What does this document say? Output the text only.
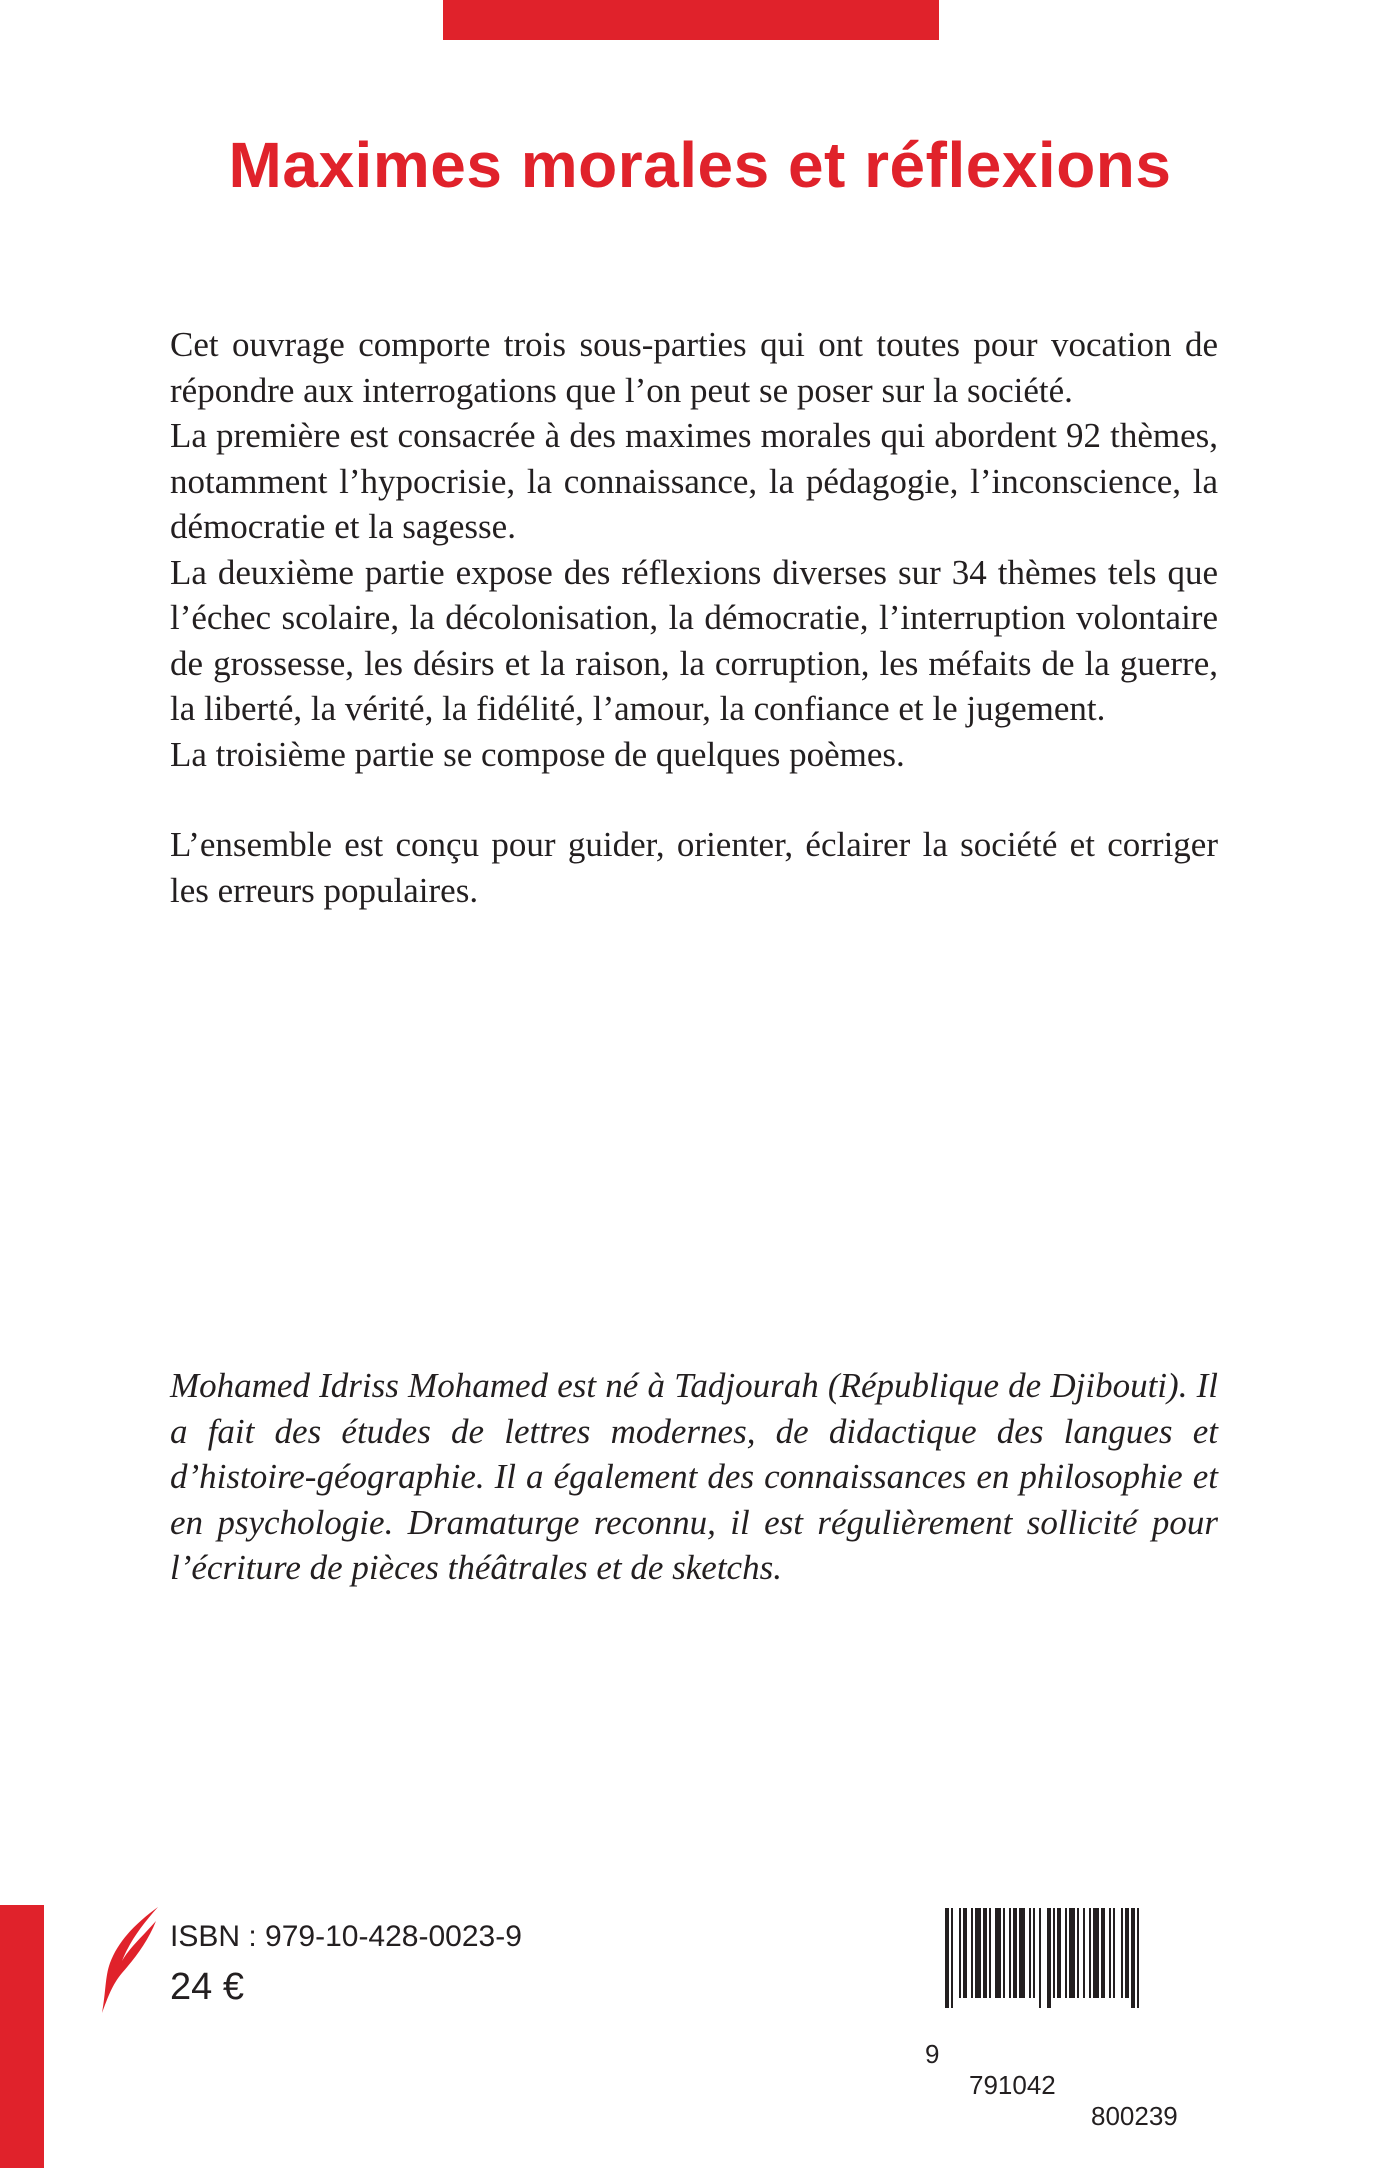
Maximes morales et réflexions

Cet ouvrage comporte trois sous-parties qui ont toutes pour vocation de répondre aux interrogations que l’on peut se poser sur la société.

La première est consacrée à des maximes morales qui abordent 92 thèmes, notamment l’hypocrisie, la connaissance, la pédagogie, l’inconscience, la démocratie et la sagesse.

La deuxième partie expose des réflexions diverses sur 34 thèmes tels que l’échec scolaire, la décolonisation, la démocratie, l’interruption volontaire de grossesse, les désirs et la raison, la corruption, les méfaits de la guerre, la liberté, la vérité, la fidélité, l’amour, la confiance et le jugement.

La troisième partie se compose de quelques poèmes.

L’ensemble est conçu pour guider, orienter, éclairer la société et corriger les erreurs populaires.

Mohamed Idriss Mohamed est né à Tadjourah (République de Djibouti). Il a fait des études de lettres modernes, de didactique des langues et d’histoire-géographie. Il a également des connaissances en philosophie et en psychologie. Dramaturge reconnu, il est régulièrement sollicité pour l’écriture de pièces théâtrales et de sketchs.

ISBN : 979-10-428-0023-9

24 €

9

791042

800239
